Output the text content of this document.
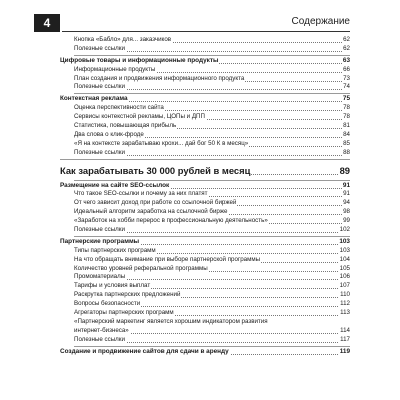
4	Содержание
Кнопка «Бабло» для... заказчиков	62
Полезные ссылки	62
Цифровые товары и информационные продукты	63
Информационные продукты	66
План создания и продвижения информационного продукта	73
Полезные ссылки	74
Контекстная реклама	75
Оценка перспективности сайта	78
Сервисы контекстной рекламы, ЦОПы и ДПП	78
Статистика, повышающая прибыль	81
Два слова о клик-фроде	84
«Я на контексте зарабатываю крохи... дай бог 50 К в месяц»	85
Полезные ссылки	88
Как зарабатывать 30 000 рублей в месяц	89
Размещение на сайте SEO-ссылок	91
Что такое SEO-ссылки и почему за них платят	91
От чего зависит доход при работе со ссылочной биржей	94
Идеальный алгоритм заработка на ссылочной бирже	98
«Заработок на хобби перерос в профессиональную деятельность»	99
Полезные ссылки	102
Партнерские программы	103
Типы партнерских программ	103
На что обращать внимание при выборе партнерской программы	104
Количество уровней реферальной программы	105
Промоматериалы	106
Тарифы и условия выплат	107
Раскрутка партнерских предложений	110
Вопросы безопасности	112
Агрегаторы партнерских программ	113
«Партнерский маркетинг является хорошим индикатором развития
интернет-бизнеса»	114
Полезные ссылки	117
Создание и продвижение сайтов для сдачи в аренду	119
